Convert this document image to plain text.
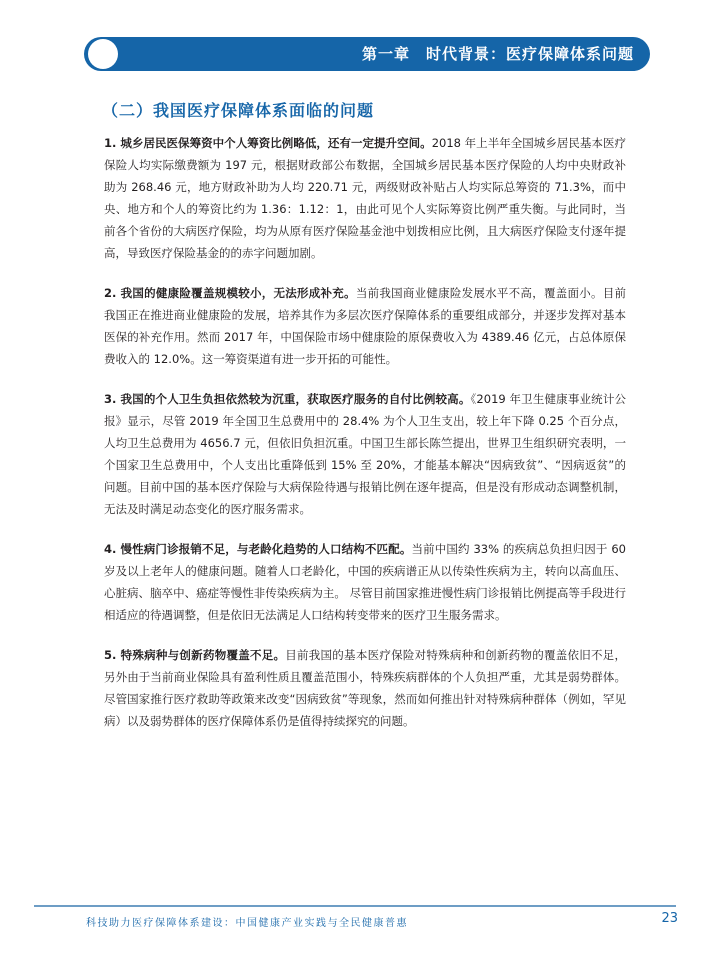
第一章　时代背景：医疗保障体系问题
（二）我国医疗保障体系面临的问题

1. 城乡居民医保筹资中个人筹资比例略低，还有一定提升空间。2018 年上半年全国城乡居民基本医疗保险人均实际缴费额为 197 元，根据财政部公布数据，全国城乡居民基本医疗保险的人均中央财政补助为 268.46 元，地方财政补助为人均 220.71 元，两级财政补贴占人均实际总筹资的 71.3%，而中央、地方和个人的筹资比约为 1.36：1.12：1，由此可见个人实际筹资比例严重失衡。与此同时，当前各个省份的大病医疗保险，均为从原有医疗保险基金池中划拨相应比例，且大病医疗保险支付逐年提高，导致医疗保险基金的的赤字问题加剧。

2. 我国的健康险覆盖规模较小，无法形成补充。当前我国商业健康险发展水平不高，覆盖面小。目前我国正在推进商业健康险的发展，培养其作为多层次医疗保障体系的重要组成部分，并逐步发挥对基本医保的补充作用。然而 2017 年，中国保险市场中健康险的原保费收入为 4389.46 亿元，占总体原保费收入的 12.0%。这一筹资渠道有进一步开拓的可能性。

3. 我国的个人卫生负担依然较为沉重，获取医疗服务的自付比例较高。《2019 年卫生健康事业统计公报》显示，尽管 2019 年全国卫生总费用中的 28.4% 为个人卫生支出，较上年下降 0.25 个百分点，人均卫生总费用为 4656.7 元，但依旧负担沉重。中国卫生部长陈竺提出，世界卫生组织研究表明，一个国家卫生总费用中，个人支出比重降低到 15% 至 20%，才能基本解决“因病致贫”、“因病返贫”的问题。目前中国的基本医疗保险与大病保险待遇与报销比例在逐年提高，但是没有形成动态调整机制，无法及时满足动态变化的医疗服务需求。

4. 慢性病门诊报销不足，与老龄化趋势的人口结构不匹配。当前中国约 33% 的疾病总负担归因于 60 岁及以上老年人的健康问题。随着人口老龄化，中国的疾病谱正从以传染性疾病为主，转向以高血压、心脏病、脑卒中、癌症等慢性非传染疾病为主。 尽管目前国家推进慢性病门诊报销比例提高等手段进行相适应的待遇调整，但是依旧无法满足人口结构转变带来的医疗卫生服务需求。

5. 特殊病种与创新药物覆盖不足。目前我国的基本医疗保险对特殊病种和创新药物的覆盖依旧不足，另外由于当前商业保险具有盈利性质且覆盖范围小，特殊疾病群体的个人负担严重，尤其是弱势群体。尽管国家推行医疗救助等政策来改变“因病致贫”等现象，然而如何推出针对特殊病种群体（例如，罕见病）以及弱势群体的医疗保障体系仍是值得持续探究的问题。

科技助力医疗保障体系建设：中国健康产业实践与全民健康普惠	23
